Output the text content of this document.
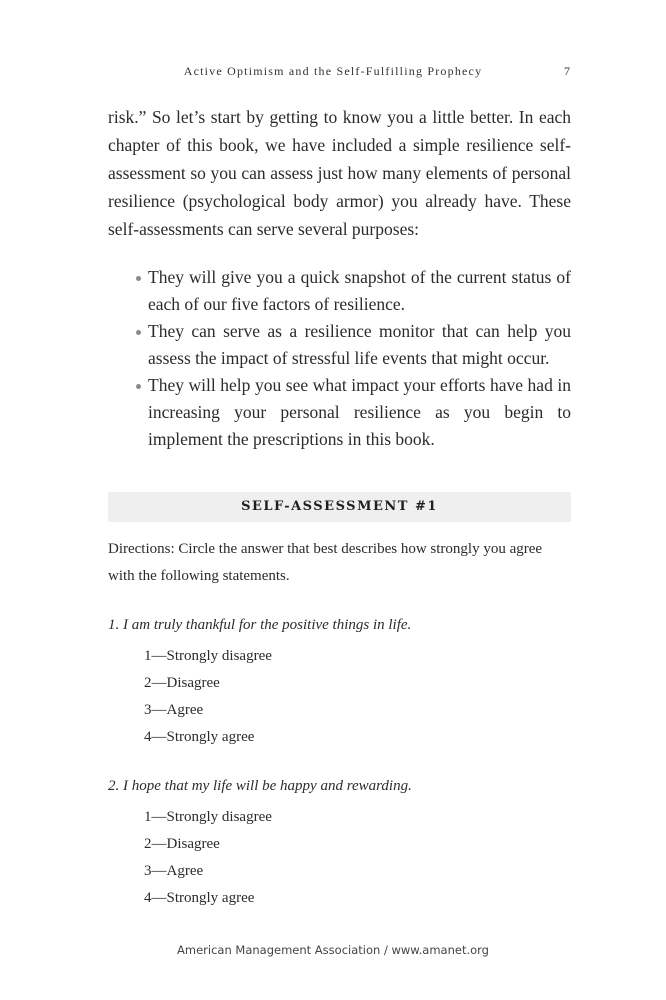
Active Optimism and the Self-Fulfilling Prophecy	7

risk.” So let’s start by getting to know you a little better. In each chapter of this book, we have included a simple resilience self-assessment so you can assess just how many elements of personal resilience (psychological body armor) you already have. These self-assessments can serve several purposes:

They will give you a quick snapshot of the current status of each of our five factors of resilience.
They can serve as a resilience monitor that can help you assess the impact of stressful life events that might occur.
They will help you see what impact your efforts have had in increasing your personal resilience as you begin to implement the prescriptions in this book.
SELF-ASSESSMENT #1

Directions: Circle the answer that best describes how strongly you agree with the following statements.

1. I am truly thankful for the positive things in life.

1—Strongly disagree
2—Disagree
3—Agree
4—Strongly agree

2. I hope that my life will be happy and rewarding.

1—Strongly disagree
2—Disagree
3—Agree
4—Strongly agree
American Management Association / www.amanet.org
